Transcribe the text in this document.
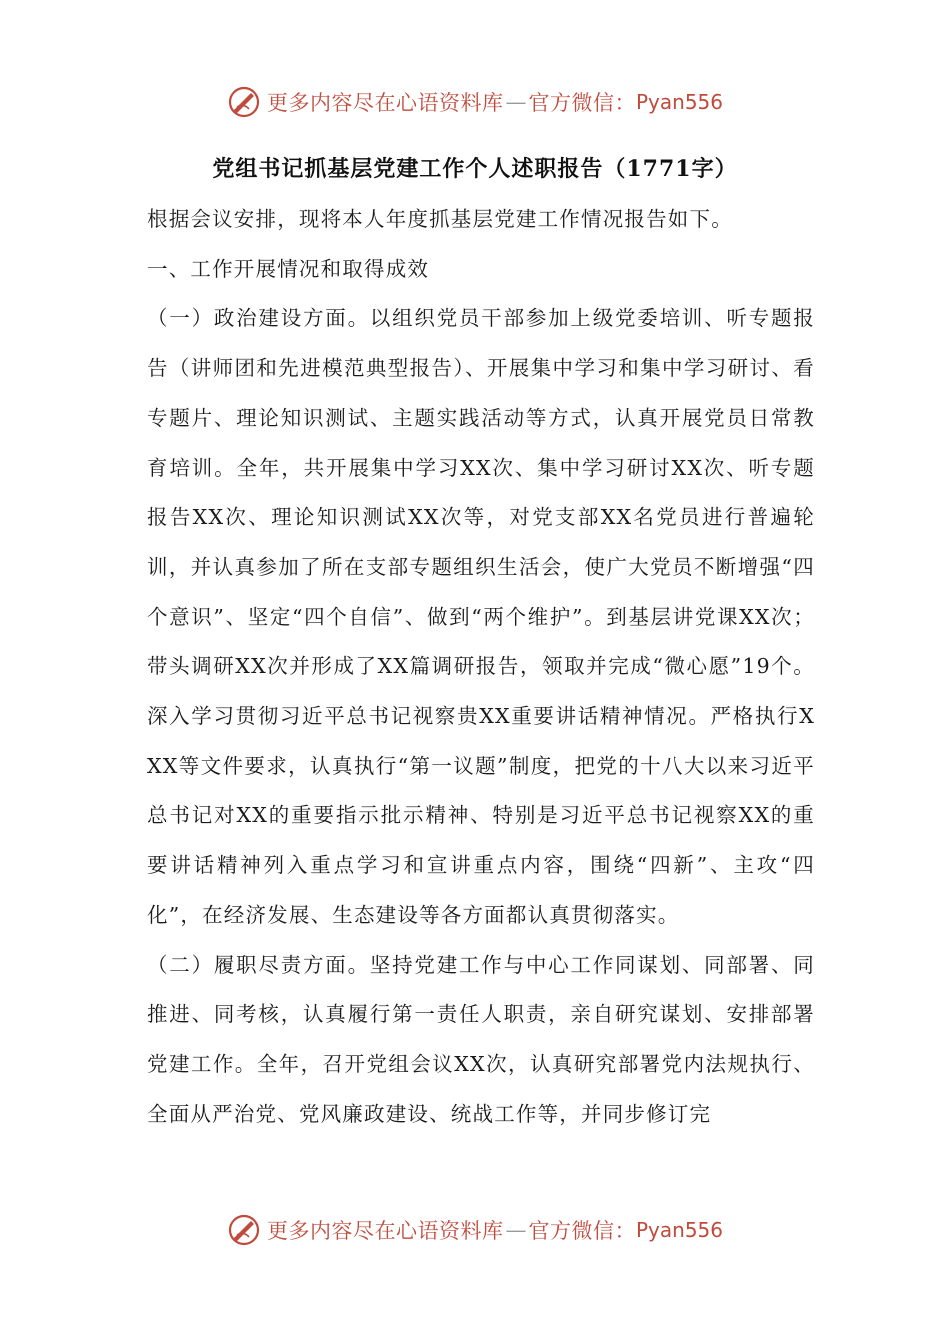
更多内容尽在心语资料库 — 官方微信： Pyan556
党组书记抓基层党建工作个人述职报告（1771字）

根据会议安排，现将本人年度抓基层党建工作情况报告如下。

一、工作开展情况和取得成效

（一）政治建设方面。以组织党员干部参加上级党委培训、听专题报告（讲师团和先进模范典型报告）、开展集中学习和集中学习研讨、看专题片、理论知识测试、主题实践活动等方式，认真开展党员日常教育培训。全年，共开展集中学习XX次、集中学习研讨XX次、听专题报告XX次、理论知识测试XX次等，对党支部XX名党员进行普遍轮训，并认真参加了所在支部专题组织生活会，使广大党员不断增强“四个意识”、坚定“四个自信”、做到“两个维护”。到基层讲党课XX次；带头调研XX次并形成了XX篇调研报告，领取并完成“微心愿”19个。深入学习贯彻习近平总书记视察贵XX重要讲话精神情况。严格执行XXX等文件要求，认真执行“第一议题”制度，把党的十八大以来习近平总书记对XX的重要指示批示精神、特别是习近平总书记视察XX的重要讲话精神列入重点学习和宣讲重点内容，围绕“四新”、主攻“四化”，在经济发展、生态建设等各方面都认真贯彻落实。

（二）履职尽责方面。坚持党建工作与中心工作同谋划、同部署、同推进、同考核，认真履行第一责任人职责，亲自研究谋划、安排部署党建工作。全年，召开党组会议XX次，认真研究部署党内法规执行、全面从严治党、党风廉政建设、统战工作等，并同步修订完

更多内容尽在心语资料库 — 官方微信： Pyan556
